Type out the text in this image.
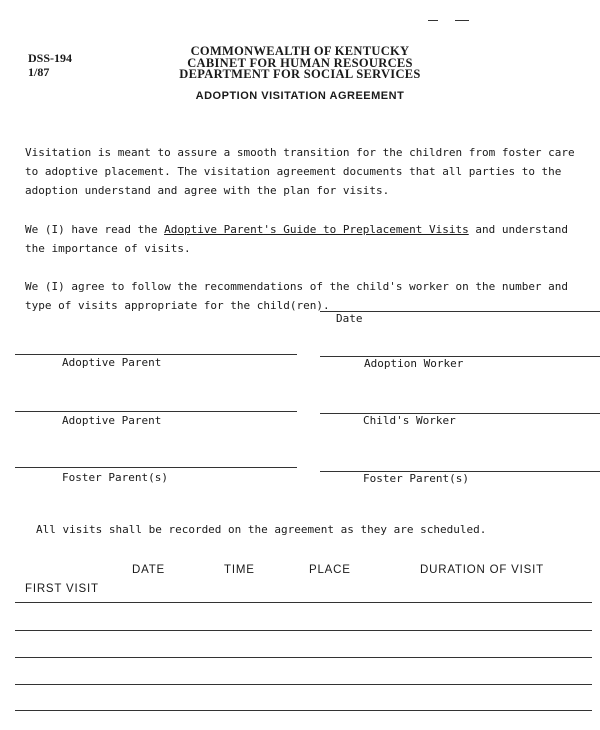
DSS-194
1/87
COMMONWEALTH OF KENTUCKY
CABINET FOR HUMAN RESOURCES
DEPARTMENT FOR SOCIAL SERVICES
ADOPTION VISITATION AGREEMENT
Visitation is meant to assure a smooth transition for the children from foster care to adoptive placement. The visitation agreement documents that all parties to the adoption understand and agree with the plan for visits.
We (I) have read the Adoptive Parent's Guide to Preplacement Visits and understand the importance of visits.
We (I) agree to follow the recommendations of the child's worker on the number and type of visits appropriate for the child(ren).
Date
Adoptive Parent	Adoption Worker
Adoptive Parent	Child's Worker
Foster Parent(s)	Foster Parent(s)
All visits shall be recorded on the agreement as they are scheduled.
DATE	TIME	PLACE	DURATION OF VISIT
FIRST VISIT
